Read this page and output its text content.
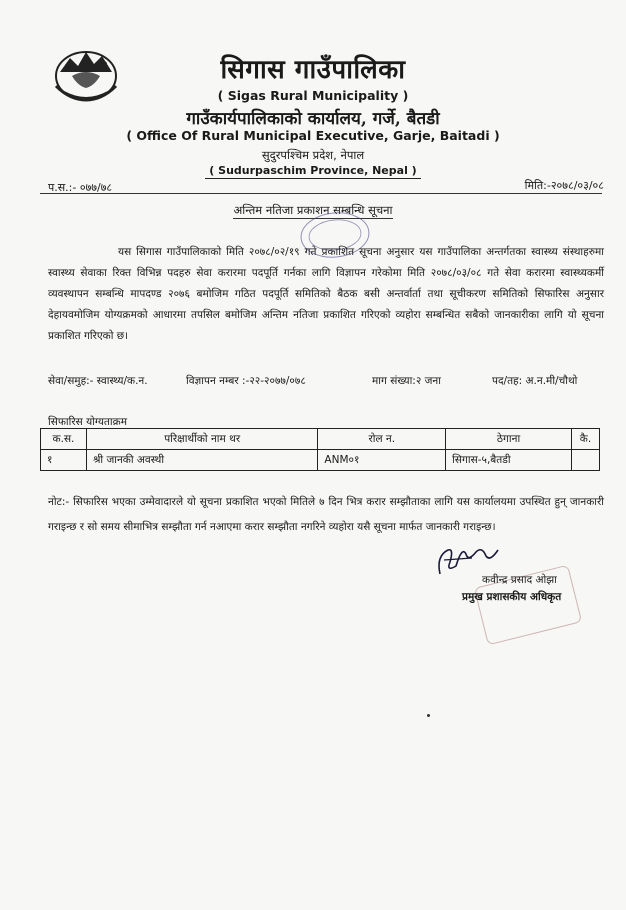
सिगास गाउँपालिका
( Sigas Rural Municipality )
गाउँकार्यपालिकाको कार्यालय, गर्जे, बैतडी
( Office Of Rural Municipal Executive, Garje, Baitadi )
सुदुरपश्चिम प्रदेश, नेपाल
( Sudurpaschim Province, Nepal )
प.स.:- ०७७/७८	मिति:-२०७८/०३/०८
अन्तिम नतिजा प्रकाशन सम्बन्धि सूचना
यस सिगास गाउँपालिकाको मिति २०७८/०२/१९ गते प्रकाशित सूचना अनुसार यस गाउँपालिका अन्तर्गतका स्वास्थ्य संस्थाहरुमा स्वास्थ्य सेवाका रिक्त विभिन्न पदहरु सेवा करारमा पदपूर्ति गर्नका लागि विज्ञापन गरेकोमा मिति २०७८/०३/०८ गते सेवा करारमा स्वास्थ्यकर्मी व्यवस्थापन सम्बन्धि मापदण्ड २०७६ बमोजिम गठित पदपूर्ति समितिको बैठक बसी अन्तर्वार्ता तथा सूचीकरण समितिको सिफारिस अनुसार देहायवमोजिम योग्यक्रमको आधारमा तपसिल बमोजिम अन्तिम नतिजा प्रकाशित गरिएको व्यहोरा सम्बन्धित सबैको जानकारीका लागि यो सूचना प्रकाशित गरिएको छ।
सेवा/समुह:- स्वास्थ्य/क.न.	विज्ञापन नम्बर :-२२-२०७७/०७८	माग संख्या:२ जना	पद/तह: अ.न.मी/चौथो
सिफारिस योग्यताक्रम
क.स.	परिक्षार्थीको नाम थर	रोल न.	ठेगाना	कै.
१	श्री जानकी अवस्थी	ANM०१	सिगास-५,बैतडी	
नोट:- सिफारिस भएका उम्मेवादारले यो सूचना प्रकाशित भएको मितिले ७ दिन भित्र करार सम्झौताका लागि यस कार्यालयमा उपस्थित हुन् जानकारी गराइन्छ र सो समय सीमाभित्र सम्झौता गर्न नआएमा करार सम्झौता नगरिने व्यहोरा यसै सूचना मार्फत जानकारी गराइन्छ।
कवीन्द्र प्रसाद ओझा
प्रमुख प्रशासकीय अधिकृत
